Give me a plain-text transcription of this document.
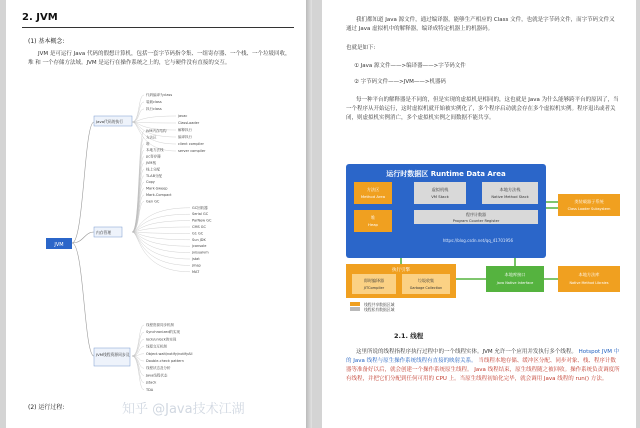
2. JVM
(1) 基本概念:
JVM 是可运行 Java 代码的假想计算机，包括一套字节码指令集、一组寄存器、一个栈、一个垃圾回收，堆 和 一个存储方法域。JVM 是运行在操作系统之上的，它与硬件没有直接的交互。
JVM
Java代码的执行
内存管理
JVM线程资源同步及
代码编译为class
装载class
执行class
javac
ClassLoader
解释执行
编译执行
client compiler
server compiler
JVM内存结构
方法区
堆
本地方法栈
pc寄存器
JVM栈
栈上分配
TLAB分配
Copy
Mark-Sweep
Mark-Compact
Gen GC
GC回收器
Serial GC
ParNew GC
CMS GC
G1 GC
Sun JDK
jconsole
jvisualvm
jstat
jmap
MAT
线程资源同步机制
Synchronized的实现
lock/unlock的实现
线程交互机制
Object.wait/notify/notifyAll
Double-check pattern
线程状态及分析
Java线程状态
jstack
TDA
(2) 运行过程:
我们都知道 Java 源文件，通过编译器，能够生产相应的 Class 文件，也就是字节码文件，而字节码文件又通过 Java 虚拟机中的解释器，编译成特定机器上的机器码。
也就是如下:
① Java 源文件——>编译器——>字节码文件
② 字节码文件——>JVM——>机器码
每一种平台的解释器是不同的，但是实现的虚拟机是相同的，这也就是 Java 为什么能够跨平台的原因了，当一个程序从开始运行，这时虚拟机就开始被实例化了，多个程序启动就会存在多个虚拟机实例。程序退出或者关闭，则虚拟机实例消亡，多个虚拟机实例之间数据不能共享。
运行时数据区 Runtime Data Area
方法区
Method Area
虚拟机栈
VM Stack
本地方法栈
Native Method Stack
堆
Heap
程序计数器
Program Counter Register
https://blog.csdn.net/qq_41701956
类装载器子系统
Class Loader Subsystem
执行引擎
即时编译器
JITCompiler
垃圾收集
Garbage Collection
本地库接口
Java Native Interface
本地方法库
Native Method Libraies
线程共享数据区域
线程私有数据区域
2.1. 线程
这里所说的线程指程序执行过程中的一个线程实体。JVM 允许一个应用并发执行多个线程。 Hotspot JVM 中的 Java 线程与原生操作系统线程有直接的映射关系。 当线程本地存储、缓冲区分配、同步对象、栈、程序计数器等准备好以后，就会创建一个操作系统原生线程。 Java 线程结束，原生线程随之被回收。操作系统负责调度所有线程，并把它们分配到任何可用的 CPU 上。当原生线程初始化完毕，就会调用 Java 线程的 run() 方法。
知乎 @Java技术江湖
